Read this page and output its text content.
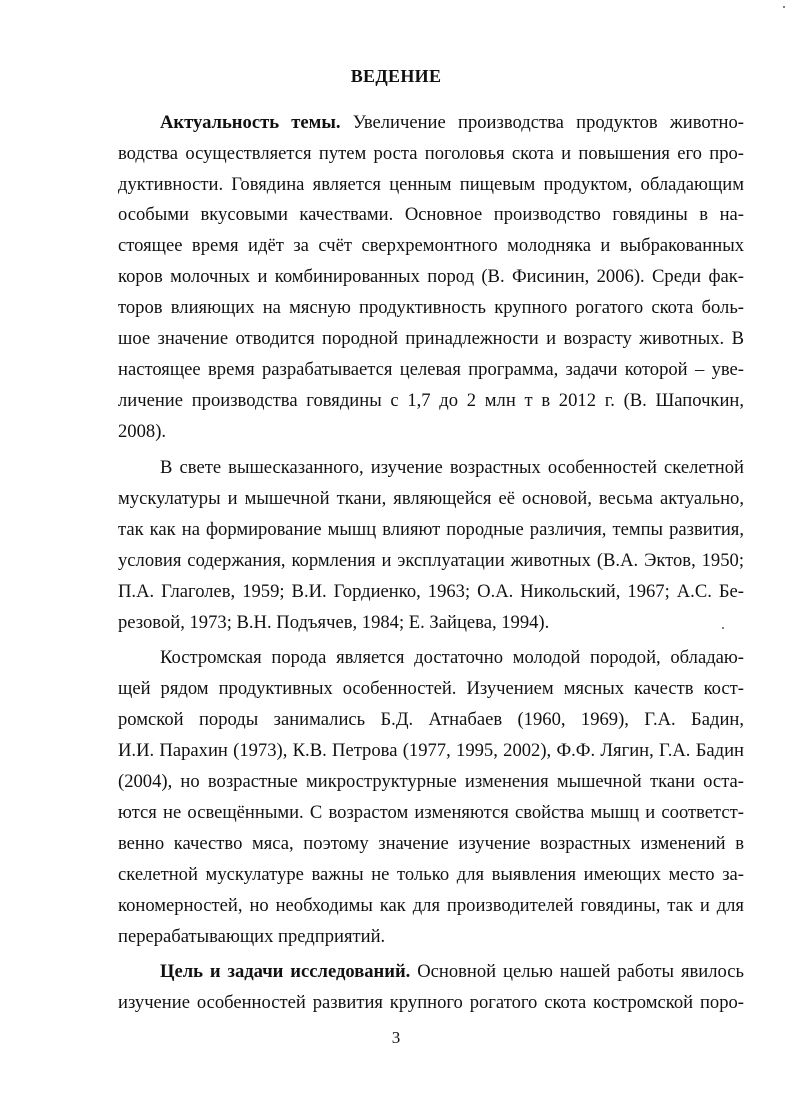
ВЕДЕНИЕ
Актуальность темы. Увеличение производства продуктов животно-
водства осуществляется путем роста поголовья скота и повышения его про-
дуктивности. Говядина является ценным пищевым продуктом, обладающим
особыми вкусовыми качествами. Основное производство говядины в на-
стоящее время идёт за счёт сверхремонтного молодняка и выбракованных
коров молочных и комбинированных пород (В. Фисинин, 2006). Среди фак-
торов влияющих на мясную продуктивность крупного рогатого скота боль-
шое значение отводится породной принадлежности и возрасту животных. В
настоящее время разрабатывается целевая программа, задачи которой – уве-
личение производства говядины с 1,7 до 2 млн т в 2012 г. (В. Шапочкин,
2008).
В свете вышесказанного, изучение возрастных особенностей скелетной
мускулатуры и мышечной ткани, являющейся её основой, весьма актуально,
так как на формирование мышц влияют породные различия, темпы развития,
условия содержания, кормления и эксплуатации животных (В.А. Эктов, 1950;
П.А. Глаголев, 1959; В.И. Гордиенко, 1963; О.А. Никольский, 1967; А.С. Бе-
резовой, 1973; В.Н. Подъячев, 1984; Е. Зайцева, 1994).
Костромская порода является достаточно молодой породой, обладаю-
щей рядом продуктивных особенностей. Изучением мясных качеств кост-
ромской породы занимались Б.Д. Атнабаев (1960, 1969), Г.А. Бадин,
И.И. Парахин (1973), К.В. Петрова (1977, 1995, 2002), Ф.Ф. Лягин, Г.А. Бадин
(2004), но возрастные микроструктурные изменения мышечной ткани оста-
ются не освещёнными. С возрастом изменяются свойства мышц и соответст-
венно качество мяса, поэтому значение изучение возрастных изменений в
скелетной мускулатуре важны не только для выявления имеющих место за-
кономерностей, но необходимы как для производителей говядины, так и для
перерабатывающих предприятий.
Цель и задачи исследований. Основной целью нашей работы явилось
изучение особенностей развития крупного рогатого скота костромской поро-
3
